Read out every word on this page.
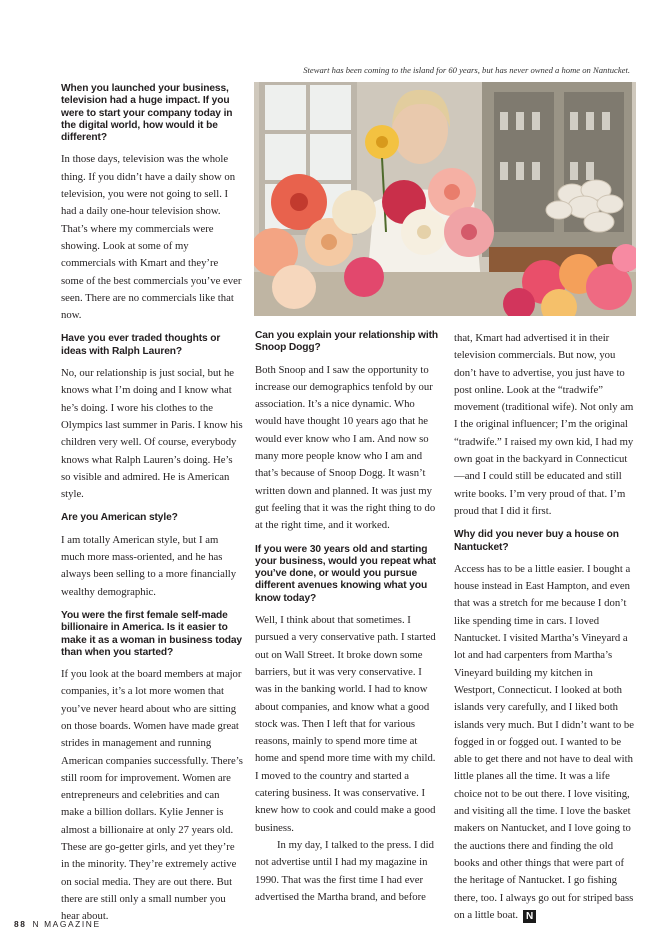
Stewart has been coming to the island for 60 years, but has never owned a home on Nantucket.

When you launched your business, television had a huge impact. If you were to start your company today in the digital world, how would it be different?

In those days, television was the whole thing. If you didn’t have a daily show on television, you were not going to sell. I had a daily one-hour television show. That’s where my commercials were showing. Look at some of my commercials with Kmart and they’re some of the best commercials you’ve ever seen. There are no commercials like that now.

Have you ever traded thoughts or ideas with Ralph Lauren?

No, our relationship is just social, but he knows what I’m doing and I know what he’s doing. I wore his clothes to the Olympics last summer in Paris. I know his children very well. Of course, everybody knows what Ralph Lauren’s doing. He’s so visible and admired. He is American style.

Are you American style?

I am totally American style, but I am much more mass-oriented, and he has always been selling to a more financially wealthy demographic.

You were the first female self-made billionaire in America. Is it easier to make it as a woman in business today than when you started?

If you look at the board members at major companies, it’s a lot more women that you’ve never heard about who are sitting on those boards. Women have made great strides in management and running American companies successfully. There’s still room for improvement. Women are entrepreneurs and celebrities and can make a billion dollars. Kylie Jenner is almost a billionaire at only 27 years old. These are go-getter girls, and yet they’re in the minority. They’re extremely active on social media. They are out there. But there are still only a small number you hear about.

Can you explain your relationship with Snoop Dogg?

Both Snoop and I saw the opportunity to increase our demographics tenfold by our association. It’s a nice dynamic. Who would have thought 10 years ago that he would ever know who I am. And now so many more people know who I am and that’s because of Snoop Dogg. It wasn’t written down and planned. It was just my gut feeling that it was the right thing to do at the right time, and it worked.

If you were 30 years old and starting your business, would you repeat what you’ve done, or would you pursue different avenues knowing what you know today?

Well, I think about that sometimes. I pursued a very conservative path. I started out on Wall Street. It broke down some barriers, but it was very conservative. I was in the banking world. I had to know about companies, and know what a good stock was. Then I left that for various reasons, mainly to spend more time at home and spend more time with my child. I moved to the country and started a catering business. It was conservative. I knew how to cook and could make a good business.

In my day, I talked to the press. I did not advertise until I had my magazine in 1990. That was the first time I had ever advertised the Martha brand, and before

that, Kmart had advertised it in their television commercials. But now, you don’t have to advertise, you just have to post online. Look at the “tradwife” movement (traditional wife). Not only am I the original influencer; I’m the original “tradwife.” I raised my own kid, I had my own goat in the backyard in Connecticut—and I could still be educated and still write books. I’m very proud of that. I’m proud that I did it first.

Why did you never buy a house on Nantucket?

Access has to be a little easier. I bought a house instead in East Hampton, and even that was a stretch for me because I don’t like spending time in cars. I loved Nantucket. I visited Martha’s Vineyard a lot and had carpenters from Martha’s Vineyard building my kitchen in Westport, Connecticut. I looked at both islands very carefully, and I liked both islands very much. But I didn’t want to be fogged in or fogged out. I wanted to be able to get there and not have to deal with little planes all the time. It was a life choice not to be out there. I love visiting, and visiting all the time. I love the basket makers on Nantucket, and I love going to the auctions there and finding the old books and other things that were part of the heritage of Nantucket. I go fishing there, too. I always go out for striped bass on a little boat. N

88 N MAGAZINE
